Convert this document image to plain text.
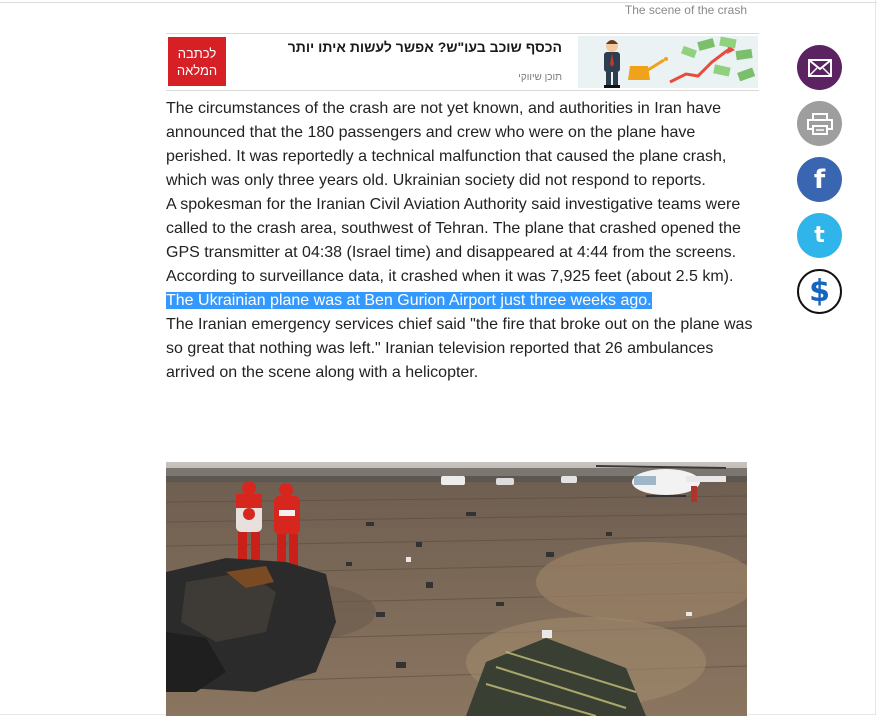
The scene of the crash
לכתבה המלאה
הכסף שוכב בעו"ש? אפשר לעשות איתו יותר
תוכן שיווקי

The circumstances of the crash are not yet known, and authorities in Iran have announced that the 180 passengers and crew who were on the plane have perished. It was reportedly a technical malfunction that caused the plane crash, which was only three years old. Ukrainian society did not respond to reports.

A spokesman for the Iranian Civil Aviation Authority said investigative teams were called to the crash area, southwest of Tehran. The plane that crashed opened the GPS transmitter at 04:38 (Israel time) and disappeared at 4:44 from the screens. According to surveillance data, it crashed when it was 7,925 feet (about 2.5 km). The Ukrainian plane was at Ben Gurion Airport just three weeks ago.

The Iranian emergency services chief said "the fire that broke out on the plane was so great that nothing was left." Iranian television reported that 26 ambulances arrived on the scene along with a helicopter.

f
t
$
